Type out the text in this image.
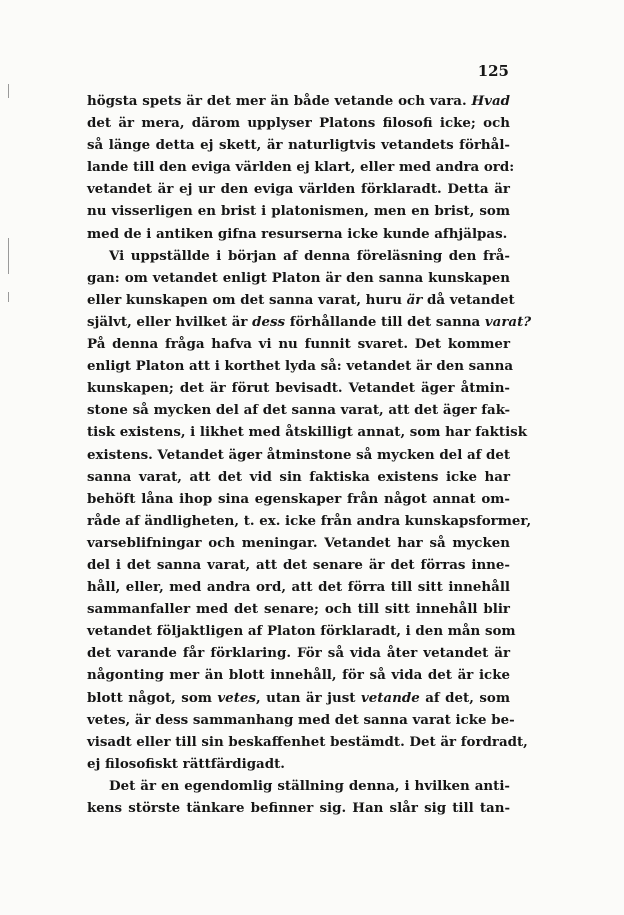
125
högsta spets är det mer än både vetande och vara. Hvad
det är mera, därom upplyser Platons filosofi icke; och
så länge detta ej skett, är naturligtvis vetandets förhål-
lande till den eviga världen ej klart, eller med andra ord:
vetandet är ej ur den eviga världen förklaradt. Detta är
nu visserligen en brist i platonismen, men en brist, som
med de i antiken gifna resurserna icke kunde afhjälpas.
Vi uppställde i början af denna föreläsning den frå-
gan: om vetandet enligt Platon är den sanna kunskapen
eller kunskapen om det sanna varat, huru är då vetandet
självt, eller hvilket är dess förhållande till det sanna varat?
På denna fråga hafva vi nu funnit svaret. Det kommer
enligt Platon att i korthet lyda så: vetandet är den sanna
kunskapen; det är förut bevisadt. Vetandet äger åtmin-
stone så mycken del af det sanna varat, att det äger fak-
tisk existens, i likhet med åtskilligt annat, som har faktisk
existens. Vetandet äger åtminstone så mycken del af det
sanna varat, att det vid sin faktiska existens icke har
behöft låna ihop sina egenskaper från något annat om-
råde af ändligheten, t. ex. icke från andra kunskapsformer,
varseblifningar och meningar. Vetandet har så mycken
del i det sanna varat, att det senare är det förras inne-
håll, eller, med andra ord, att det förra till sitt innehåll
sammanfaller med det senare; och till sitt innehåll blir
vetandet följaktligen af Platon förklaradt, i den mån som
det varande får förklaring. För så vida åter vetandet är
någonting mer än blott innehåll, för så vida det är icke
blott något, som vetes, utan är just vetande af det, som
vetes, är dess sammanhang med det sanna varat icke be-
visadt eller till sin beskaffenhet bestämdt. Det är fordradt,
ej filosofiskt rättfärdigadt.
Det är en egendomlig ställning denna, i hvilken anti-
kens störste tänkare befinner sig. Han slår sig till tan-
